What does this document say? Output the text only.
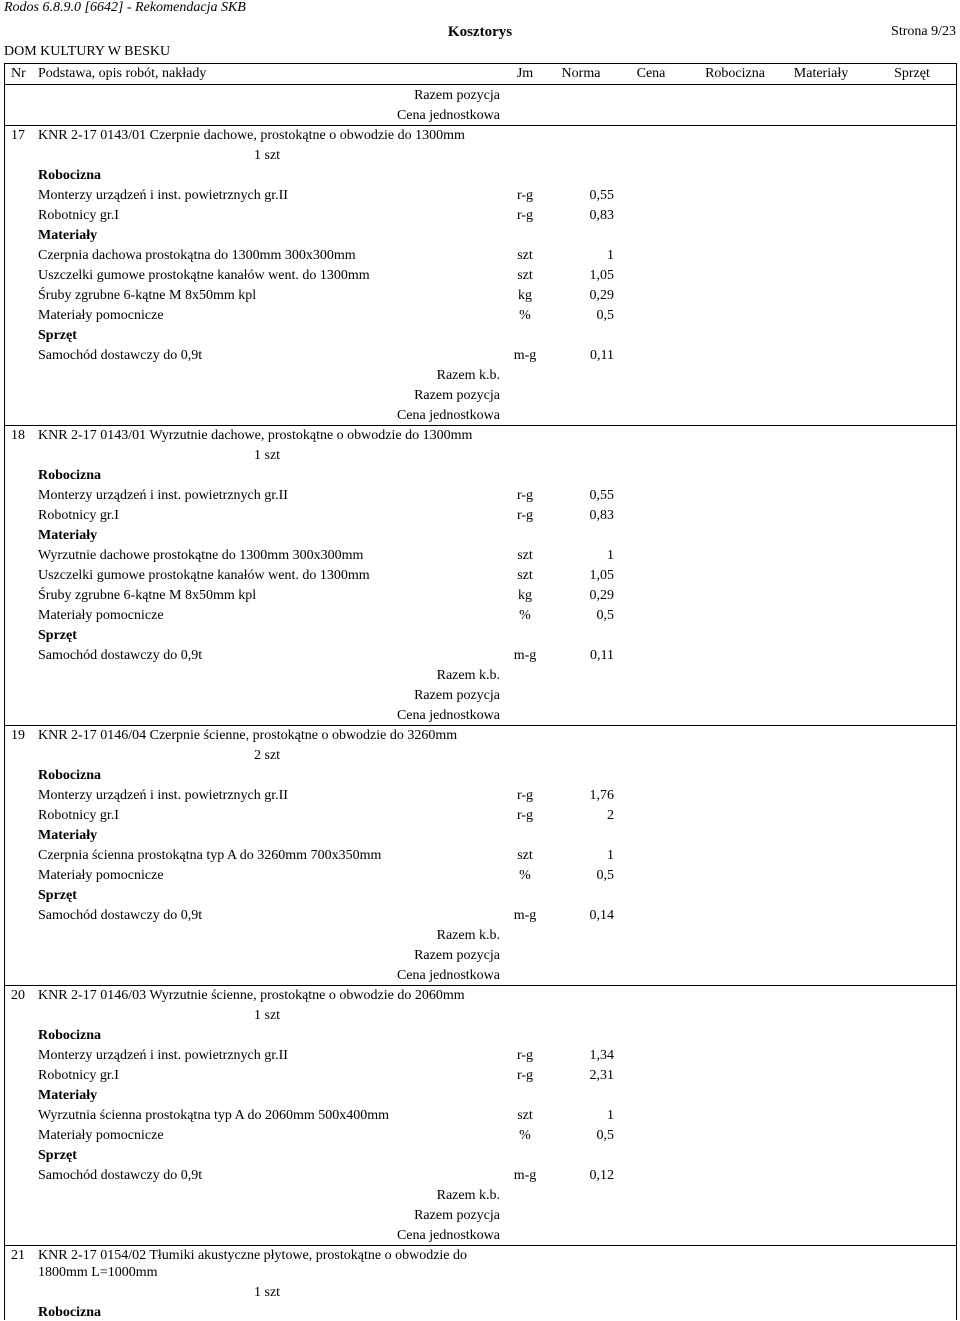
Rodos 6.8.9.0 [6642] - Rekomendacja SKB
Kosztorys	Strona 9/23
DOM KULTURY W BESKU
Nr Podstawa, opis robót, nakłady	Jm	Norma	Cena	Robocizna	Materiały	Sprzęt
Razem pozycja
Cena jednostkowa
17 KNR 2-17 0143/01 Czerpnie dachowe, prostokątne o obwodzie do 1300mm
1 szt
Robocizna
Monterzy urządzeń i inst. powietrznych gr.II	r-g	0,55
Robotnicy gr.I	r-g	0,83
Materiały
Czerpnia dachowa prostokątna do 1300mm 300x300mm	szt	1
Uszczelki gumowe prostokątne kanałów went. do 1300mm	szt	1,05
Śruby zgrubne 6-kątne M 8x50mm kpl	kg	0,29
Materiały pomocnicze	%	0,5
Sprzęt
Samochód dostawczy do 0,9t	m-g	0,11
Razem k.b.
Razem pozycja
Cena jednostkowa
18 KNR 2-17 0143/01 Wyrzutnie dachowe, prostokątne o obwodzie do 1300mm
1 szt
Robocizna
Monterzy urządzeń i inst. powietrznych gr.II	r-g	0,55
Robotnicy gr.I	r-g	0,83
Materiały
Wyrzutnie dachowe prostokątne do 1300mm 300x300mm	szt	1
Uszczelki gumowe prostokątne kanałów went. do 1300mm	szt	1,05
Śruby zgrubne 6-kątne M 8x50mm kpl	kg	0,29
Materiały pomocnicze	%	0,5
Sprzęt
Samochód dostawczy do 0,9t	m-g	0,11
Razem k.b.
Razem pozycja
Cena jednostkowa
19 KNR 2-17 0146/04 Czerpnie ścienne, prostokątne o obwodzie do 3260mm
2 szt
Robocizna
Monterzy urządzeń i inst. powietrznych gr.II	r-g	1,76
Robotnicy gr.I	r-g	2
Materiały
Czerpnia ścienna prostokątna typ A do 3260mm 700x350mm	szt	1
Materiały pomocnicze	%	0,5
Sprzęt
Samochód dostawczy do 0,9t	m-g	0,14
Razem k.b.
Razem pozycja
Cena jednostkowa
20 KNR 2-17 0146/03 Wyrzutnie ścienne, prostokątne o obwodzie do 2060mm
1 szt
Robocizna
Monterzy urządzeń i inst. powietrznych gr.II	r-g	1,34
Robotnicy gr.I	r-g	2,31
Materiały
Wyrzutnia ścienna prostokątna typ A do 2060mm 500x400mm	szt	1
Materiały pomocnicze	%	0,5
Sprzęt
Samochód dostawczy do 0,9t	m-g	0,12
Razem k.b.
Razem pozycja
Cena jednostkowa
21 KNR 2-17 0154/02 Tłumiki akustyczne płytowe, prostokątne o obwodzie do
1800mm L=1000mm
1 szt
Robocizna
